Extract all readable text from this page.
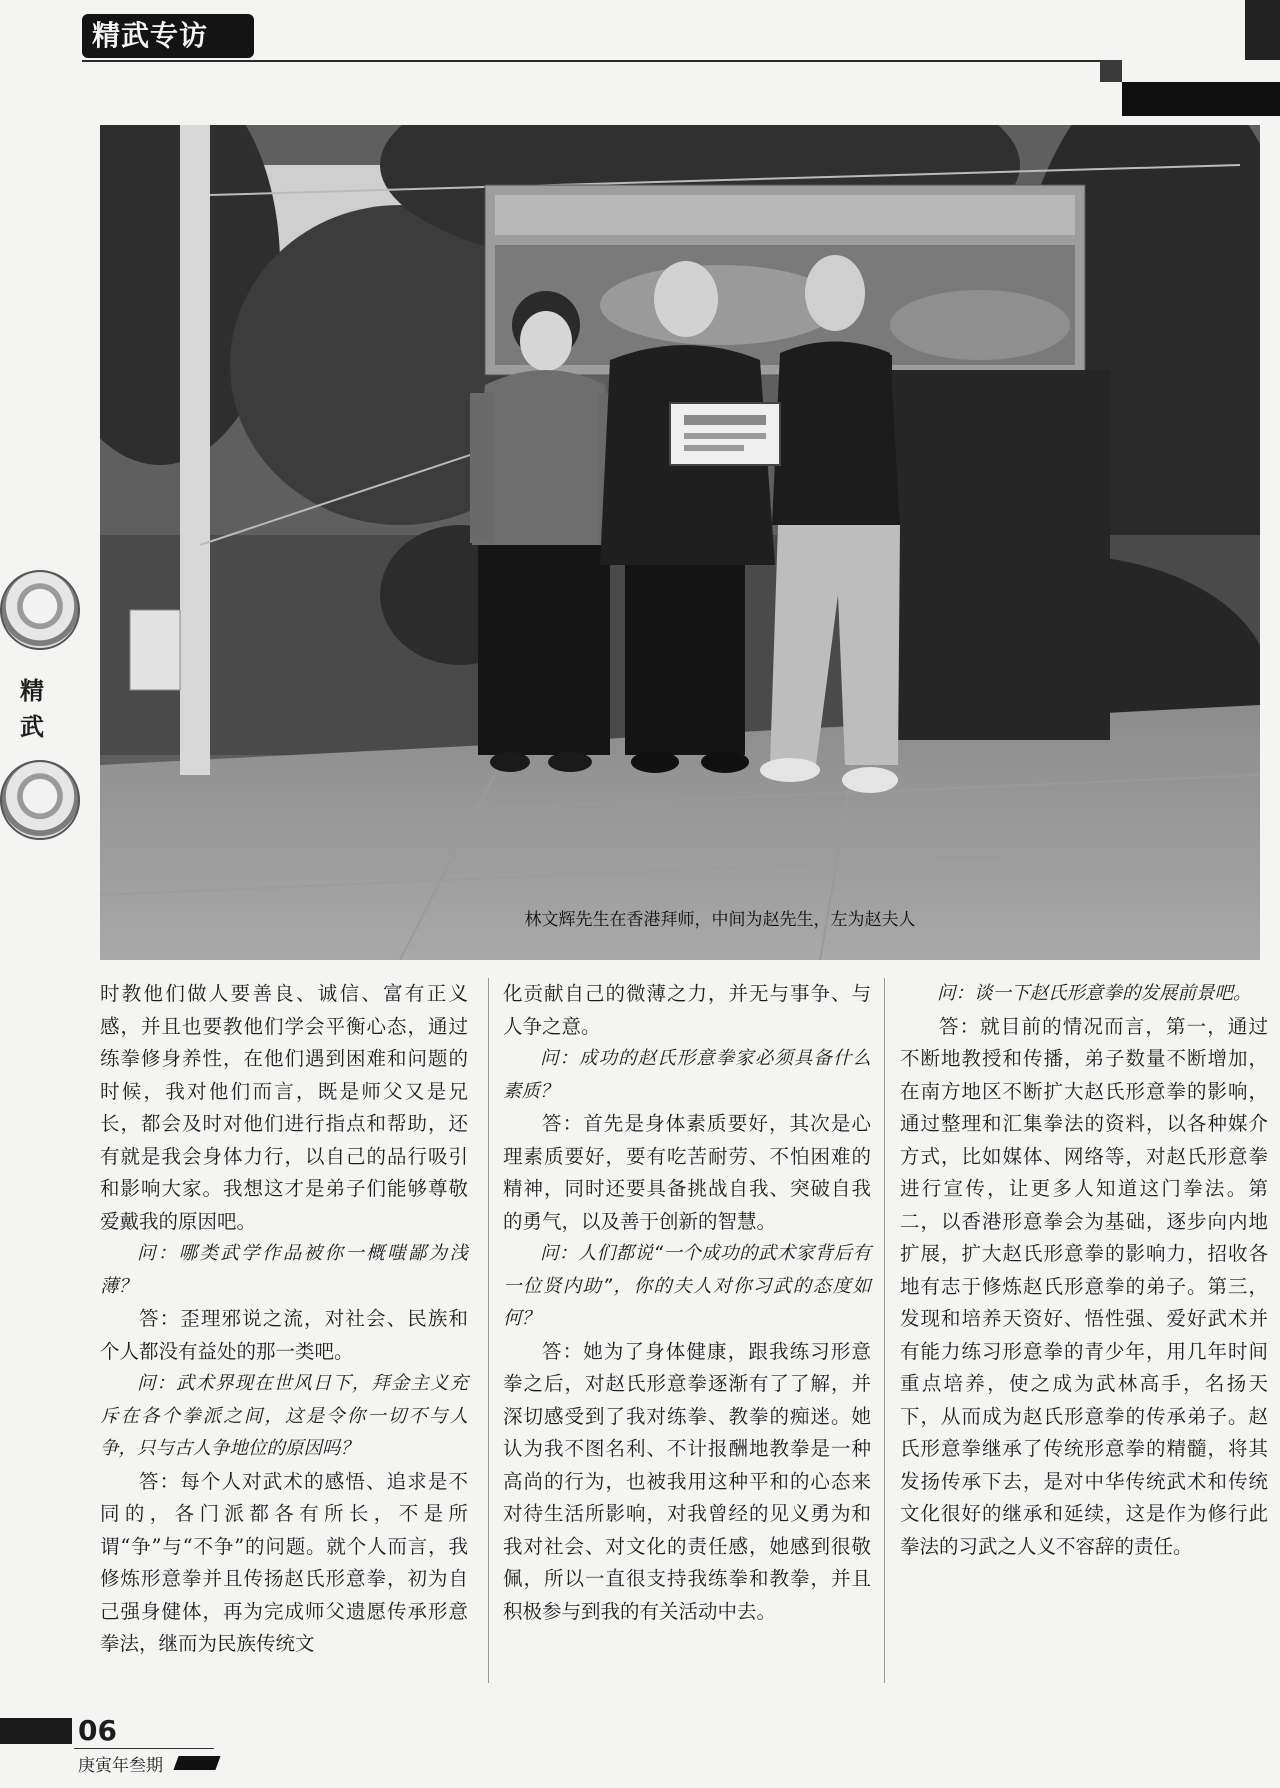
精武专访
精
武
林文辉先生在香港拜师，中间为赵先生，左为赵夫人

时教他们做人要善良、诚信、富有正义感，并且也要教他们学会平衡心态，通过练拳修身养性，在他们遇到困难和问题的时候，我对他们而言，既是师父又是兄长，都会及时对他们进行指点和帮助，还有就是我会身体力行，以自己的品行吸引和影响大家。我想这才是弟子们能够尊敬爱戴我的原因吧。

问：哪类武学作品被你一概嗤鄙为浅薄？

答：歪理邪说之流，对社会、民族和个人都没有益处的那一类吧。

问：武术界现在世风日下，拜金主义充斥在各个拳派之间，这是令你一切不与人争，只与古人争地位的原因吗？

答：每个人对武术的感悟、追求是不同的，各门派都各有所长，不是所谓“争”与“不争”的问题。就个人而言，我修炼形意拳并且传扬赵氏形意拳，初为自己强身健体，再为完成师父遗愿传承形意拳法，继而为民族传统文

化贡献自己的微薄之力，并无与事争、与人争之意。

问：成功的赵氏形意拳家必须具备什么素质？

答：首先是身体素质要好，其次是心理素质要好，要有吃苦耐劳、不怕困难的精神，同时还要具备挑战自我、突破自我的勇气，以及善于创新的智慧。

问：人们都说“一个成功的武术家背后有一位贤内助”，你的夫人对你习武的态度如何？

答：她为了身体健康，跟我练习形意拳之后，对赵氏形意拳逐渐有了了解，并深切感受到了我对练拳、教拳的痴迷。她认为我不图名利、不计报酬地教拳是一种高尚的行为，也被我用这种平和的心态来对待生活所影响，对我曾经的见义勇为和我对社会、对文化的责任感，她感到很敬佩，所以一直很支持我练拳和教拳，并且积极参与到我的有关活动中去。

问：谈一下赵氏形意拳的发展前景吧。

答：就目前的情况而言，第一，通过不断地教授和传播，弟子数量不断增加，在南方地区不断扩大赵氏形意拳的影响，通过整理和汇集拳法的资料，以各种媒介方式，比如媒体、网络等，对赵氏形意拳进行宣传，让更多人知道这门拳法。第二，以香港形意拳会为基础，逐步向内地扩展，扩大赵氏形意拳的影响力，招收各地有志于修炼赵氏形意拳的弟子。第三，发现和培养天资好、悟性强、爱好武术并有能力练习形意拳的青少年，用几年时间重点培养，使之成为武林高手，名扬天下，从而成为赵氏形意拳的传承弟子。赵氏形意拳继承了传统形意拳的精髓，将其发扬传承下去，是对中华传统武术和传统文化很好的继承和延续，这是作为修行此拳法的习武之人义不容辞的责任。

06
庚寅年叁期
